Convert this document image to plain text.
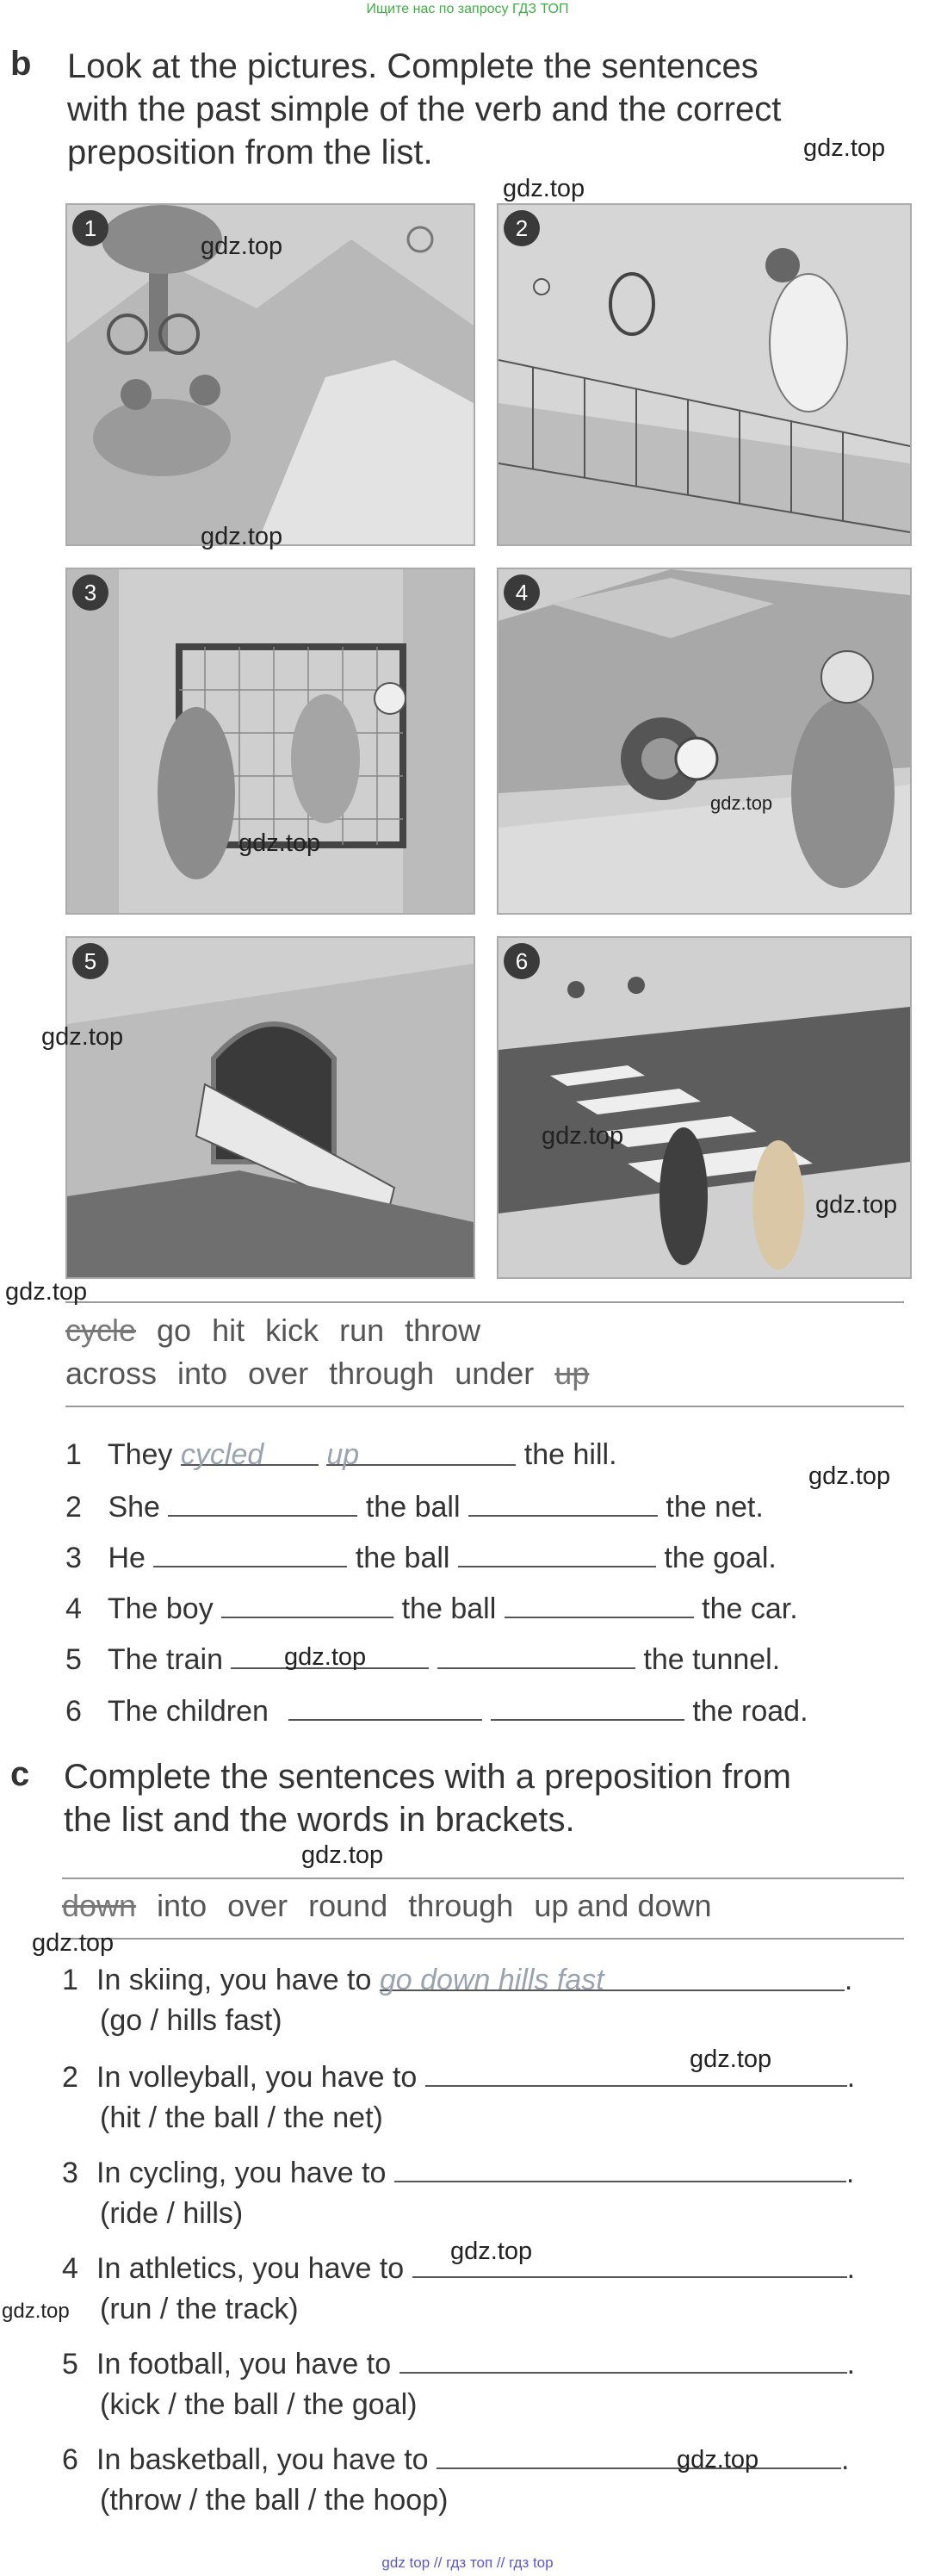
Ищите нас по запросу ГДЗ ТОП
b Look at the pictures. Complete the sentences
with the past simple of the verb and the correct
preposition from the list.
1	2
3	4
5	6
cycle go hit kick run throw
across into over through under up
1 They cycled up	the hill.
2 She	the ball	the net.
3 He	the ball	the goal.
4 The boy	the ball	the car.
5 The train	the tunnel.
6 The children	the road.
c Complete the sentences with a preposition from
the list and the words in brackets.
down into over round through up and down
1 In skiing, you have to go down hills fast	.
(go / hills fast)
2 In volleyball, you have to	.
(hit / the ball / the net)
3 In cycling, you have to	.
(ride / hills)
4 In athletics, you have to	.
(run / the track)
5 In football, you have to	.
(kick / the ball / the goal)
6 In basketball, you have to	.
(throw / the ball / the hoop)
gdz.top
gdz.top
gdz.top
gdz.top
gdz.top
gdz.top
gdz.top
gdz.top
gdz.top
gdz.top
gdz.top
gdz.top
gdz.top
gdz.top
gdz.top
gdz.top
gdz.top
gdz.top
gdz top // гдз топ // гдз top
